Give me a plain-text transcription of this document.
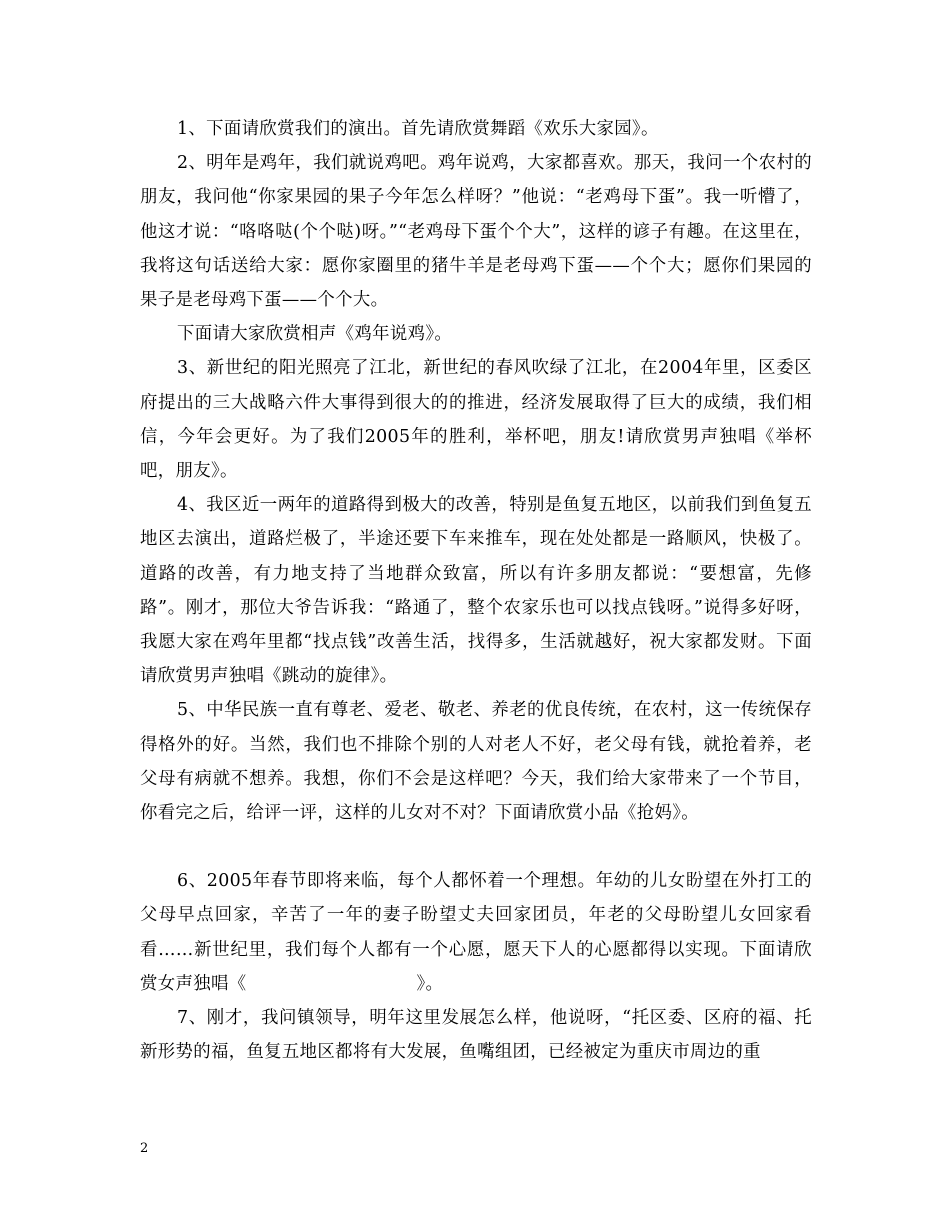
1、下面请欣赏我们的演出。首先请欣赏舞蹈《欢乐大家园》。

2、明年是鸡年，我们就说鸡吧。鸡年说鸡，大家都喜欢。那天，我问一个农村的朋友，我问他“你家果园的果子今年怎么样呀？”他说：“老鸡母下蛋”。我一听懵了，他这才说：“咯咯哒(个个哒)呀。”“老鸡母下蛋个个大”，这样的谚子有趣。在这里在，我将这句话送给大家：愿你家圈里的猪牛羊是老母鸡下蛋——个个大；愿你们果园的果子是老母鸡下蛋——个个大。

下面请大家欣赏相声《鸡年说鸡》。

3、新世纪的阳光照亮了江北，新世纪的春风吹绿了江北，在2004年里，区委区府提出的三大战略六件大事得到很大的的推进，经济发展取得了巨大的成绩，我们相信，今年会更好。为了我们2005年的胜利，举杯吧，朋友!请欣赏男声独唱《举杯吧，朋友》。

4、我区近一两年的道路得到极大的改善，特别是鱼复五地区，以前我们到鱼复五地区去演出，道路烂极了，半途还要下车来推车，现在处处都是一路顺风，快极了。道路的改善，有力地支持了当地群众致富，所以有许多朋友都说：“要想富，先修路”。刚才，那位大爷告诉我：“路通了，整个农家乐也可以找点钱呀。”说得多好呀，我愿大家在鸡年里都“找点钱”改善生活，找得多，生活就越好，祝大家都发财。下面请欣赏男声独唱《跳动的旋律》。

5、中华民族一直有尊老、爱老、敬老、养老的优良传统，在农村，这一传统保存得格外的好。当然，我们也不排除个别的人对老人不好，老父母有钱，就抢着养，老父母有病就不想养。我想，你们不会是这样吧？今天，我们给大家带来了一个节目，你看完之后，给评一评，这样的儿女对不对？下面请欣赏小品《抢妈》。

6、2005年春节即将来临，每个人都怀着一个理想。年幼的儿女盼望在外打工的父母早点回家，辛苦了一年的妻子盼望丈夫回家团员，年老的父母盼望儿女回家看看……新世纪里，我们每个人都有一个心愿，愿天下人的心愿都得以实现。下面请欣赏女声独唱《	》。

7、刚才，我问镇领导，明年这里发展怎么样，他说呀，“托区委、区府的福、托新形势的福，鱼复五地区都将有大发展，鱼嘴组团，已经被定为重庆市周边的重

2
